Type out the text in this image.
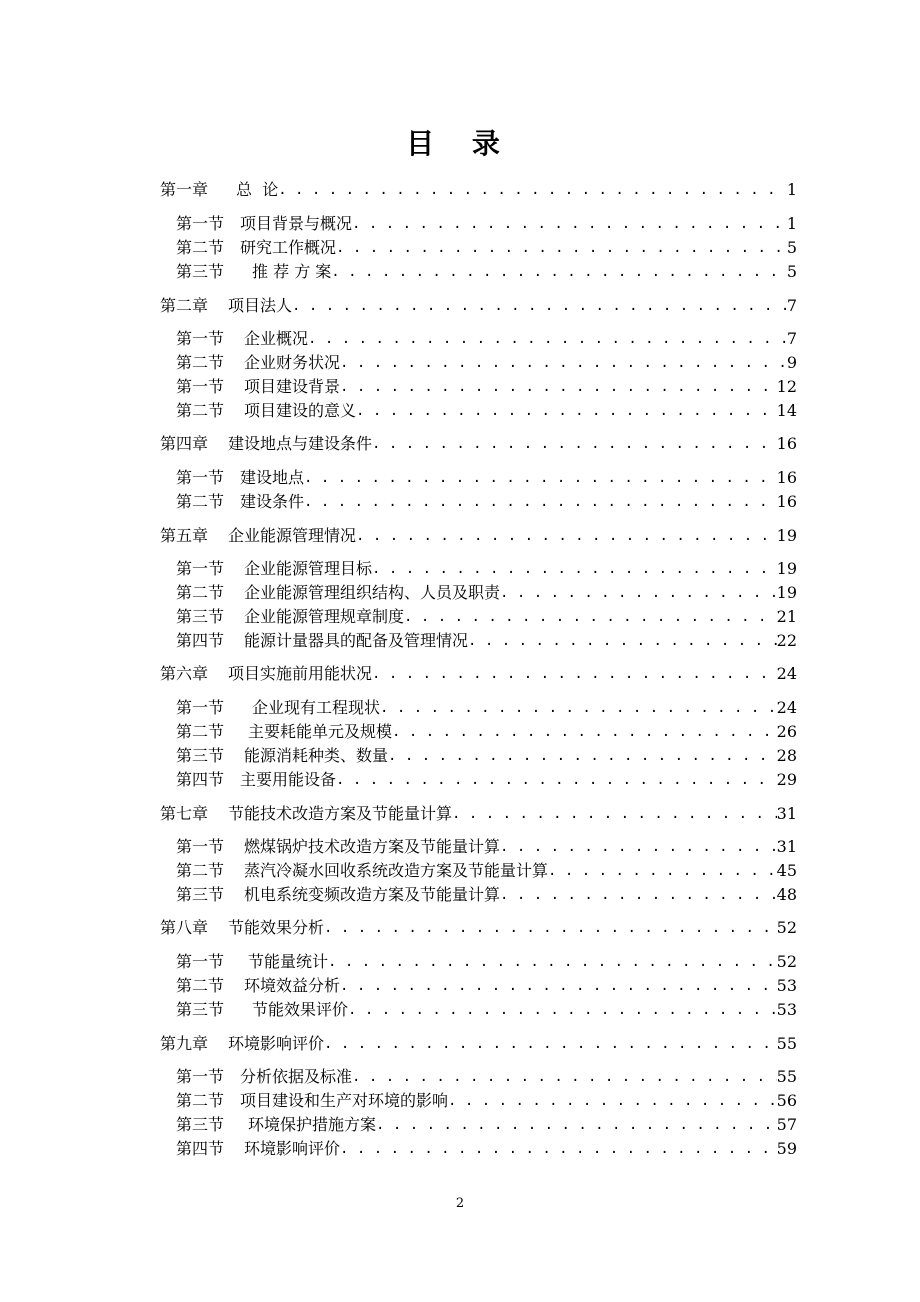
目 录
第一章 总  论 . . .	1
第一节 项目背景与概况 . . .	1
第二节 研究工作概况 . . .	5
第三节 推 荐 方 案 . . .	5
第二章 项目法人 . . .	7
第一节 企业概况 . . .	7
第二节 企业财务状况 . . .	9
第一节 项目建设背景 . . .	12
第二节 项目建设的意义 . . .	14
第四章 建设地点与建设条件 . . .	16
第一节 建设地点 . . .	16
第二节 建设条件 . . .	16
第五章 企业能源管理情况 . . .	19
第一节 企业能源管理目标 . . .	19
第二节 企业能源管理组织结构、人员及职责 . . .	19
第三节 企业能源管理规章制度 . . .	21
第四节 能源计量器具的配备及管理情况 . . .	22
第六章 项目实施前用能状况 . . .	24
第一节 企业现有工程现状 . . .	24
第二节 主要耗能单元及规模 . . .	26
第三节 能源消耗种类、数量 . . .	28
第四节 主要用能设备 . . .	29
第七章 节能技术改造方案及节能量计算 . . .	31
第一节 燃煤锅炉技术改造方案及节能量计算 . . .	31
第二节 蒸汽冷凝水回收系统改造方案及节能量计算 . . .	45
第三节 机电系统变频改造方案及节能量计算 . . .	48
第八章 节能效果分析 . . .	52
第一节 节能量统计 . . .	52
第二节 环境效益分析 . . .	53
第三节 节能效果评价 . . .	53
第九章 环境影响评价 . . .	55
第一节 分析依据及标准 . . .	55
第二节 项目建设和生产对环境的影响 . . .	56
第三节 环境保护措施方案 . . .	57
第四节 环境影响评价 . . .	59
2
